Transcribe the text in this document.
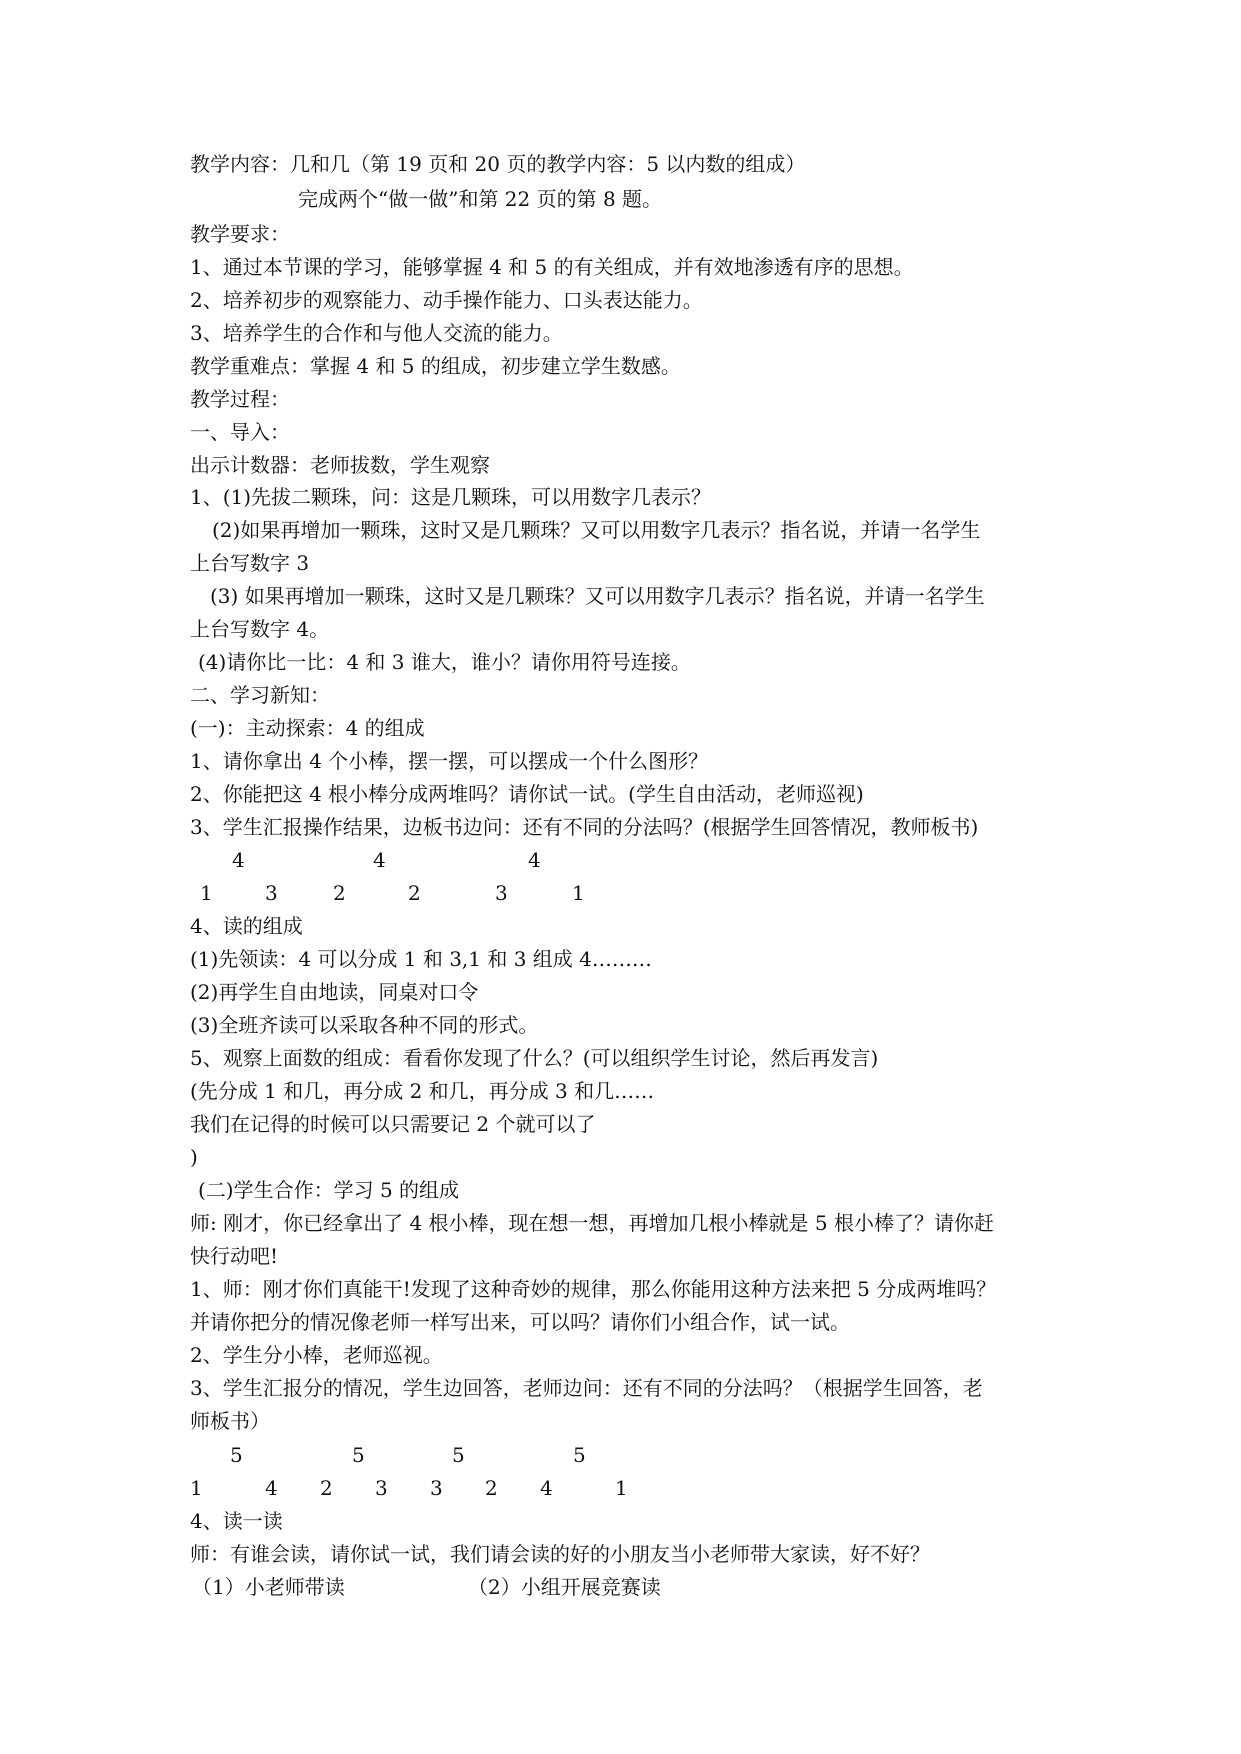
教学内容：几和几（第 19 页和 20 页的教学内容：5 以内数的组成）
完成两个“做一做”和第 22 页的第 8 题。
教学要求：
1、通过本节课的学习，能够掌握 4 和 5 的有关组成，并有效地渗透有序的思想。
2、培养初步的观察能力、动手操作能力、口头表达能力。
3、培养学生的合作和与他人交流的能力。
教学重难点：掌握 4 和 5 的组成，初步建立学生数感。
教学过程：
一、导入：
出示计数器：老师拔数，学生观察
1、(1)先拔二颗珠，问：这是几颗珠，可以用数字几表示？
(2)如果再增加一颗珠，这时又是几颗珠？又可以用数字几表示？指名说，并请一名学生
上台写数字 3
(3) 如果再增加一颗珠，这时又是几颗珠？又可以用数字几表示？指名说，并请一名学生
上台写数字 4。
(4)请你比一比：4 和 3 谁大，谁小？请你用符号连接。
二、学习新知：
(一)：主动探索：4 的组成
1、请你拿出 4 个小棒，摆一摆，可以摆成一个什么图形？
2、你能把这 4 根小棒分成两堆吗？请你试一试。(学生自由活动，老师巡视)
3、学生汇报操作结果，边板书边问：还有不同的分法吗？(根据学生回答情况，教师板书)
4	4	4
1	3	2	2	3	1
4、读的组成
(1)先领读：4 可以分成 1 和 3,1 和 3 组成 4………
(2)再学生自由地读，同桌对口令
(3)全班齐读可以采取各种不同的形式。
5、观察上面数的组成：看看你发现了什么？(可以组织学生讨论，然后再发言)
(先分成 1 和几，再分成 2 和几，再分成 3 和几……
我们在记得的时候可以只需要记 2 个就可以了
)
(二)学生合作：学习 5 的组成
师: 刚才，你已经拿出了 4 根小棒，现在想一想，再增加几根小棒就是 5 根小棒了？请你赶
快行动吧!
1、师：刚才你们真能干!发现了这种奇妙的规律，那么你能用这种方法来把 5 分成两堆吗？
并请你把分的情况像老师一样写出来，可以吗？请你们小组合作，试一试。
2、学生分小棒，老师巡视。
3、学生汇报分的情况，学生边回答，老师边问：还有不同的分法吗？（根据学生回答，老
师板书）
5	5	5	5
1	4 2 3 3 2 4	1
4、读一读
师：有谁会读，请你试一试，我们请会读的好的小朋友当小老师带大家读，好不好？
（1）小老师带读	（2）小组开展竞赛读
